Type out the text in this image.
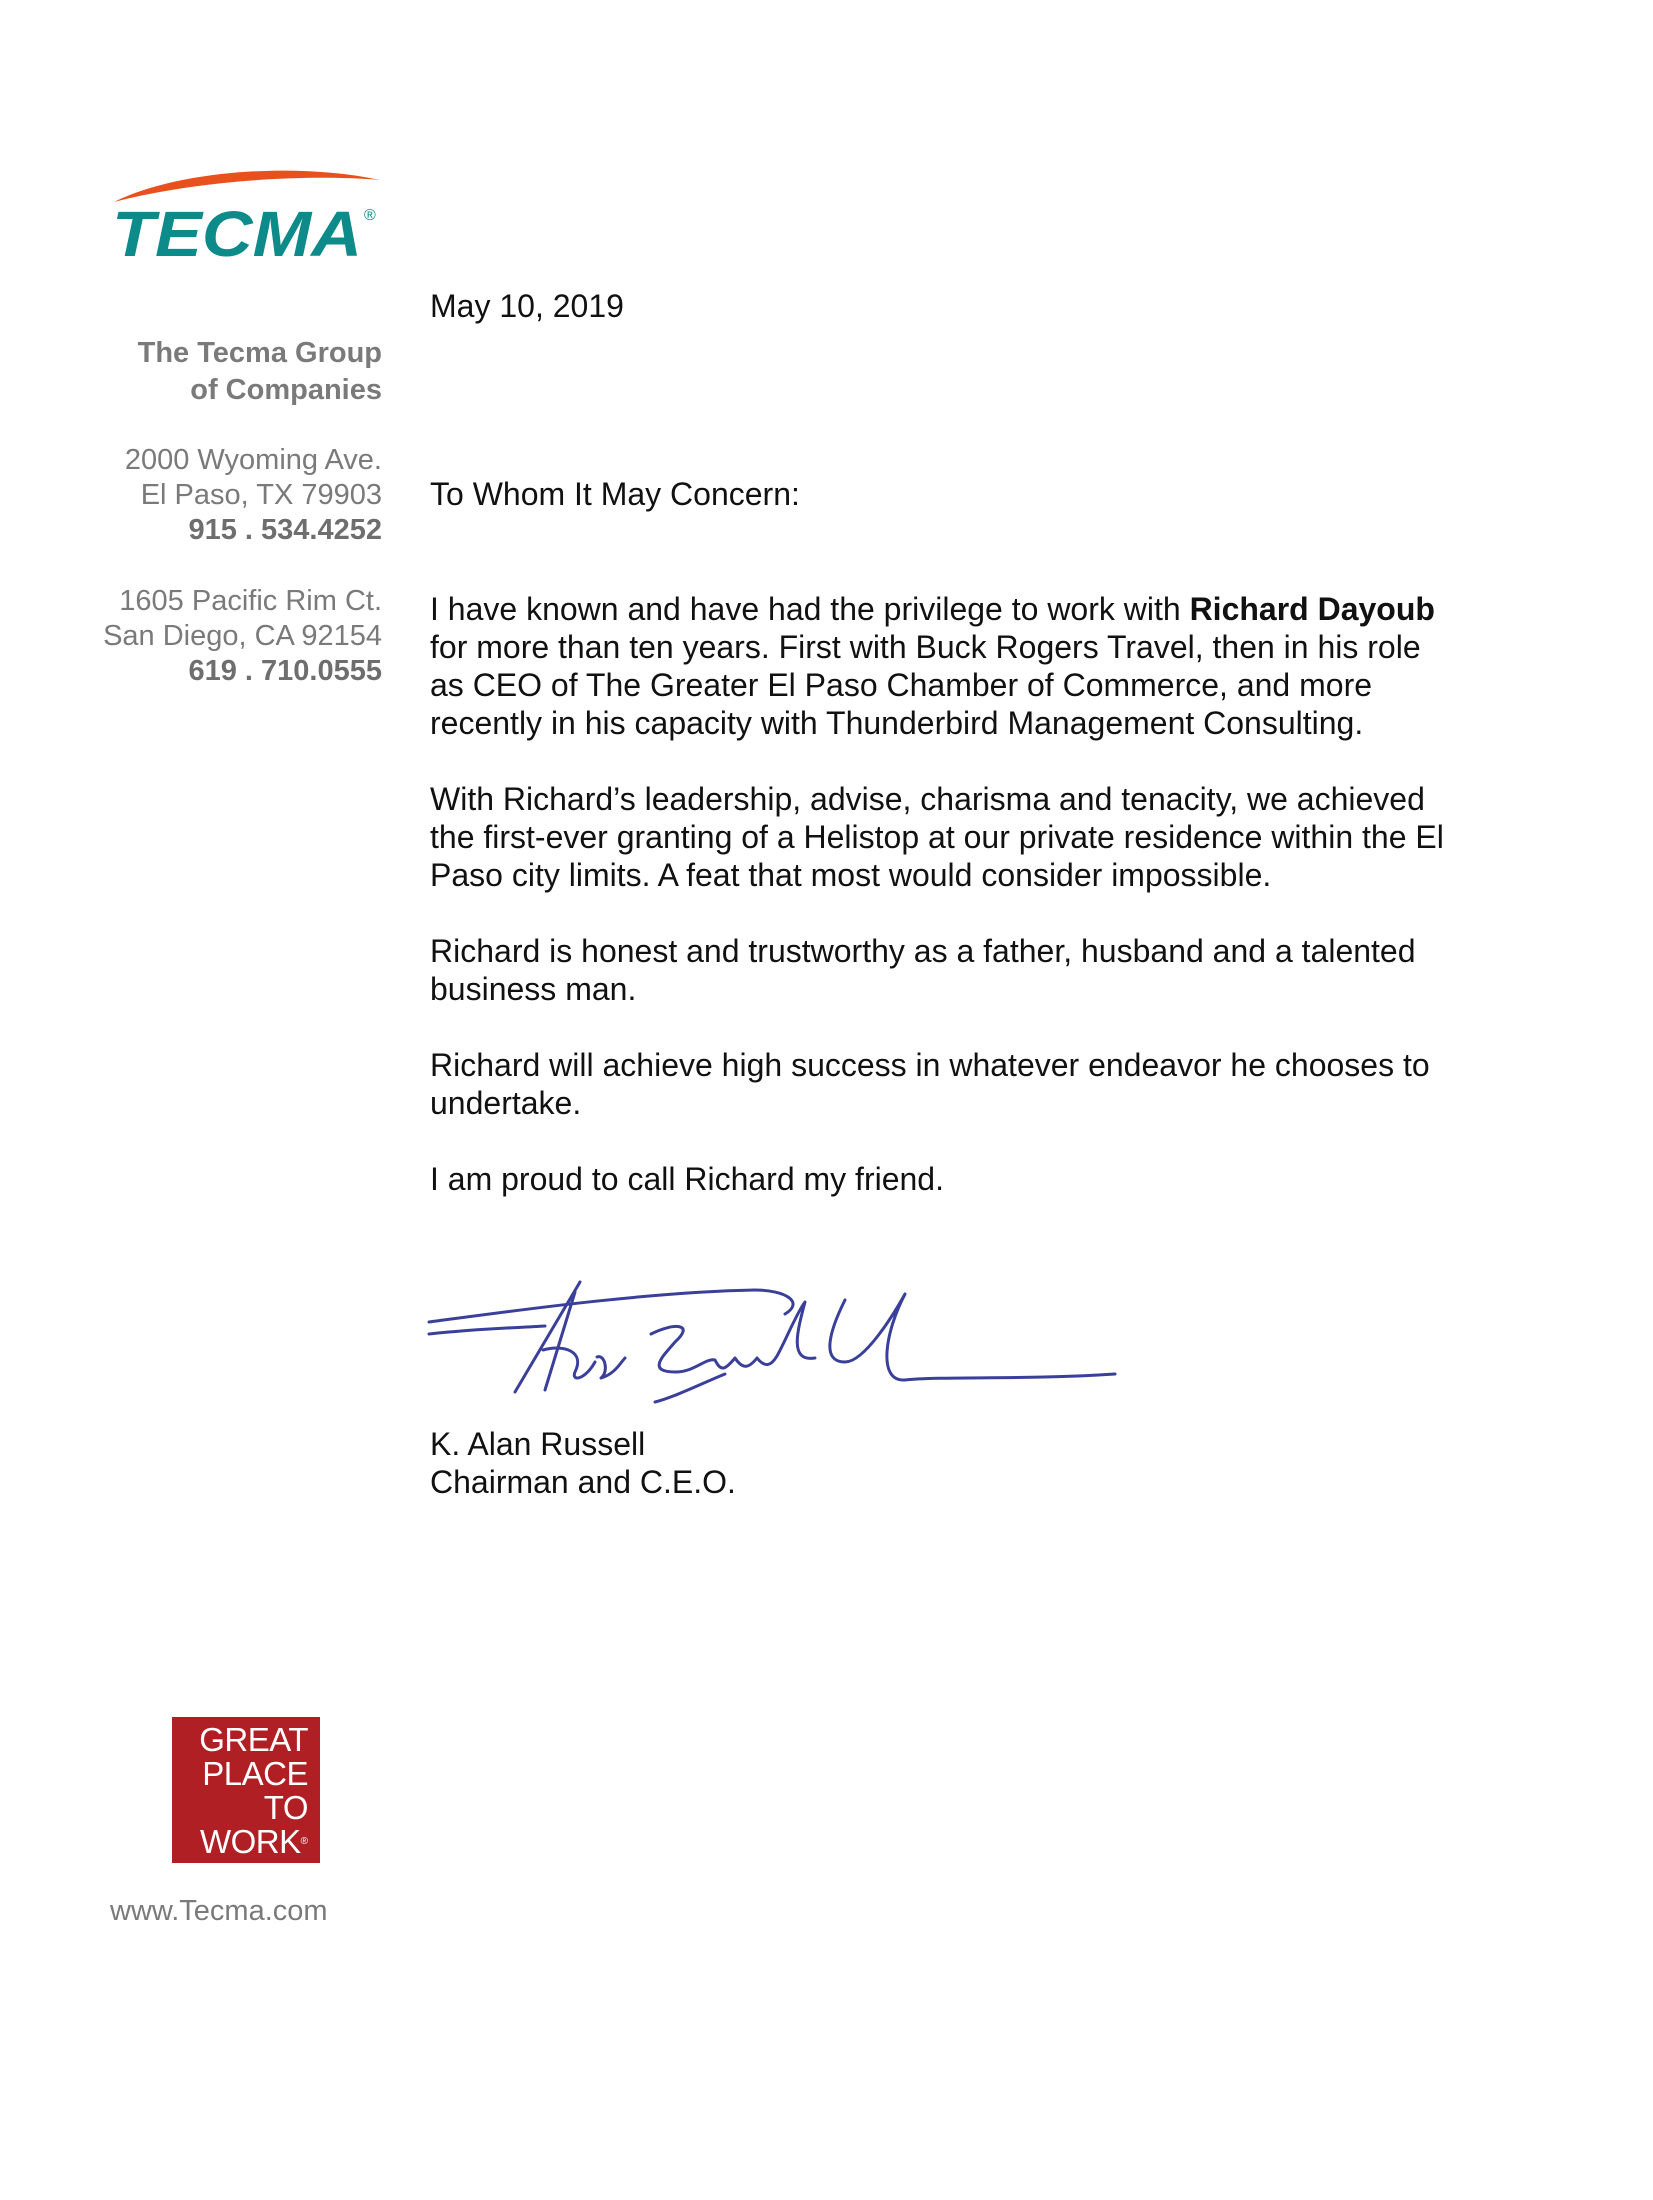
TECMA ®
The Tecma Group
of Companies
2000 Wyoming Ave.
El Paso, TX 79903
915 . 534.4252
1605 Pacific Rim Ct.
San Diego, CA 92154
619 . 710.0555
May 10, 2019
To Whom It May Concern:

I have known and have had the privilege to work with Richard Dayoub

for more than ten years. First with Buck Rogers Travel, then in his role

as CEO of The Greater El Paso Chamber of Commerce, and more

recently in his capacity with Thunderbird Management Consulting.

With Richard’s leadership, advise, charisma and tenacity, we achieved

the first-ever granting of a Helistop at our private residence within the El

Paso city limits. A feat that most would consider impossible.

Richard is honest and trustworthy as a father, husband and a talented

business man.

Richard will achieve high success in whatever endeavor he chooses to

undertake.

I am proud to call Richard my friend.

K. Alan Russell

Chairman and C.E.O.

GREAT
PLACE
TO
WORK®
www.Tecma.com
